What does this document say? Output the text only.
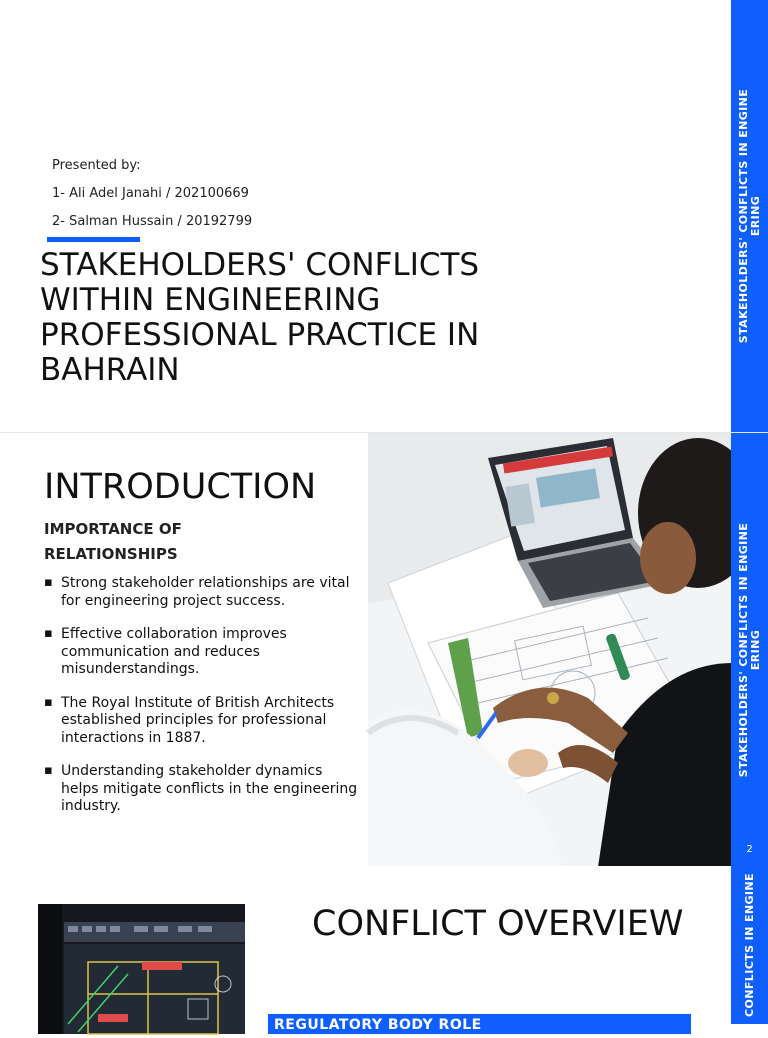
Presented by:
1- Ali Adel Janahi / 202100669
2- Salman Hussain / 20192799
STAKEHOLDERS' CONFLICTS WITHIN ENGINEERING PROFESSIONAL PRACTICE IN BAHRAIN
STAKEHOLDERS' CONFLICTS IN ENGINE ERING
INTRODUCTION
IMPORTANCE OF
RELATIONSHIPS
▪ Strong stakeholder relationships are vital for engineering project success.
▪ Effective collaboration improves communication and reduces misunderstandings.
▪ The Royal Institute of British Architects established principles for professional interactions in 1887.
▪ Understanding stakeholder dynamics helps mitigate conflicts in the engineering industry.
STAKEHOLDERS' CONFLICTS IN ENGINE ERING
2
CONFLICT OVERVIEW
REGULATORY BODY ROLE
CONFLICTS IN ENGINE
